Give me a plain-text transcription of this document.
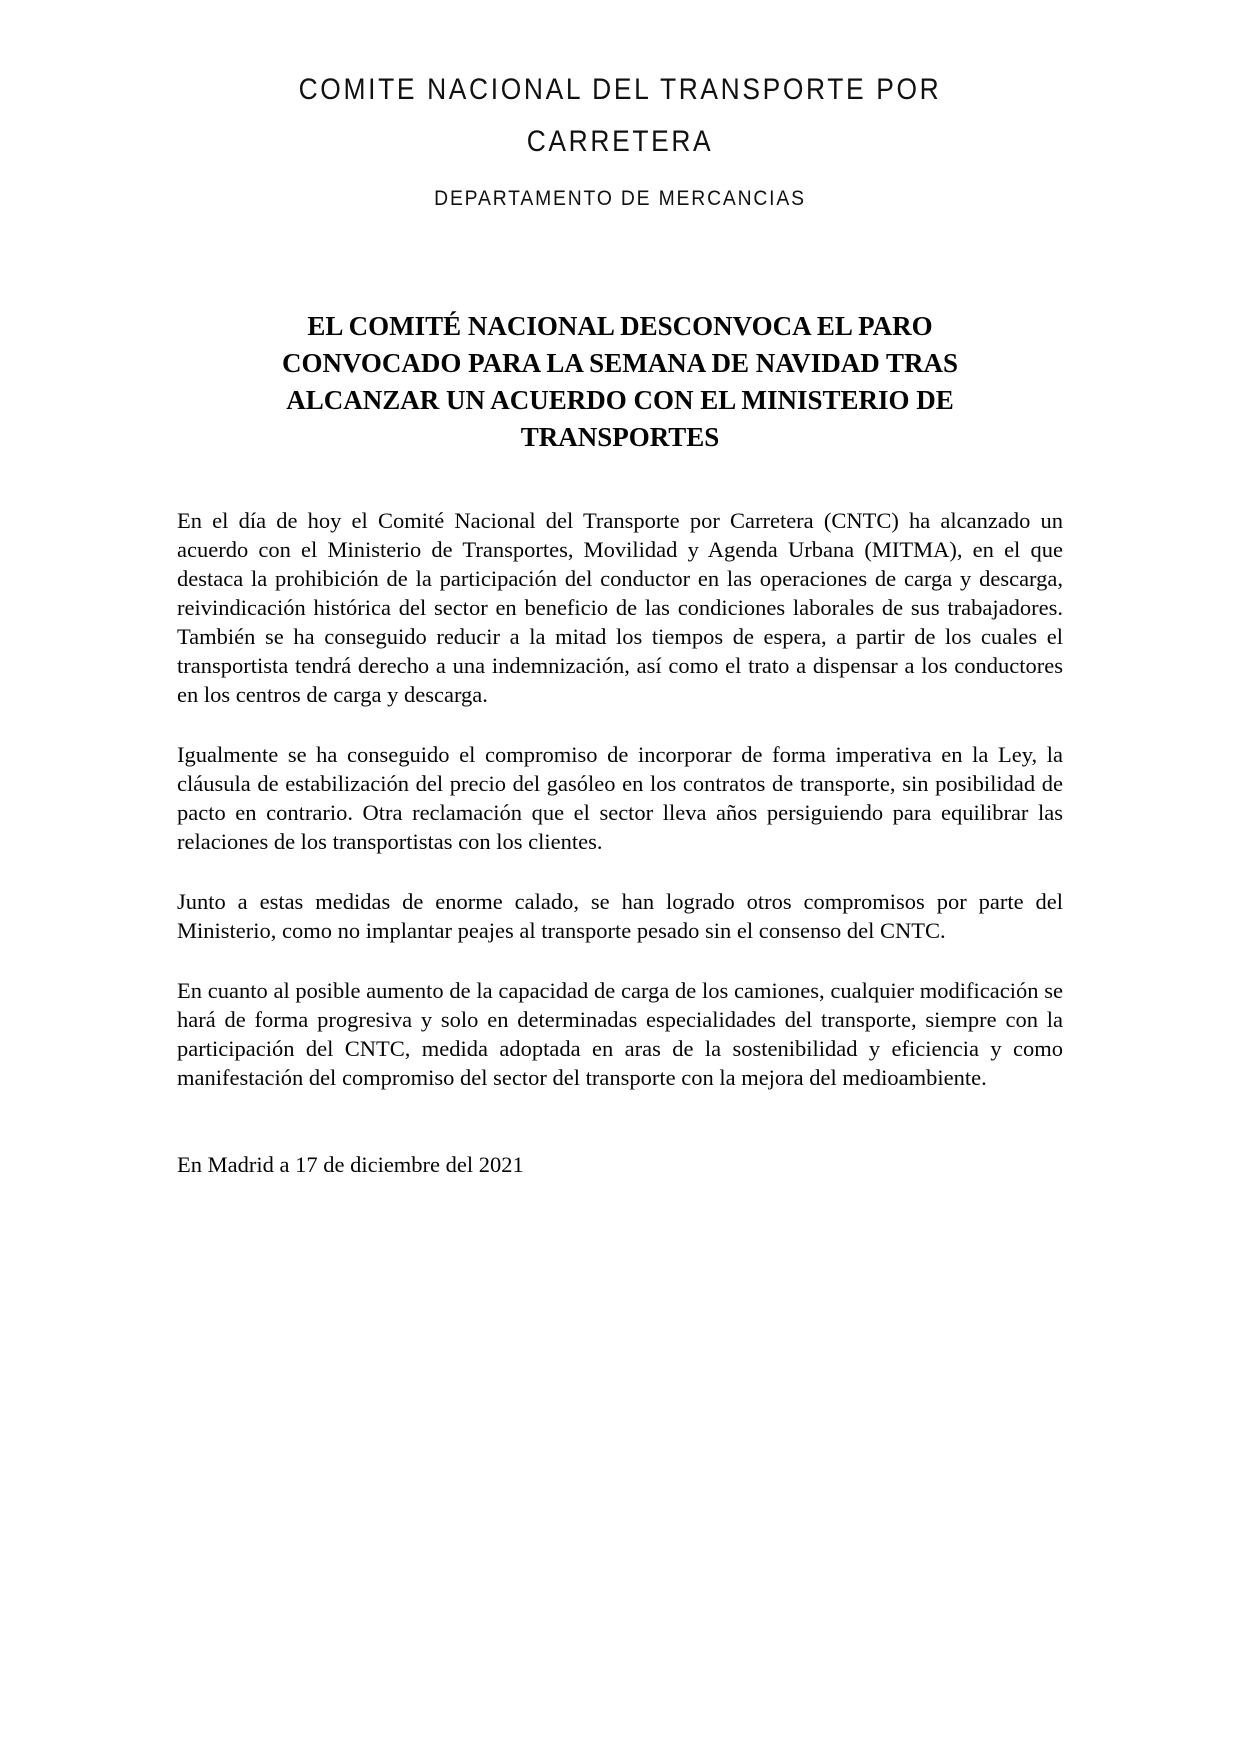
COMITE NACIONAL DEL TRANSPORTE POR
CARRETERA
DEPARTAMENTO DE MERCANCIAS
EL COMITÉ NACIONAL DESCONVOCA EL PARO
CONVOCADO PARA LA SEMANA DE NAVIDAD TRAS
ALCANZAR UN ACUERDO CON EL MINISTERIO DE
TRANSPORTES

En el día de hoy el Comité Nacional del Transporte por Carretera (CNTC) ha alcanzado un acuerdo con el Ministerio de Transportes, Movilidad y Agenda Urbana (MITMA), en el que destaca la prohibición de la participación del conductor en las operaciones de carga y descarga, reivindicación histórica del sector en beneficio de las condiciones laborales de sus trabajadores. También se ha conseguido reducir a la mitad los tiempos de espera, a partir de los cuales el transportista tendrá derecho a una indemnización, así como el trato a dispensar a los conductores en los centros de carga y descarga.

Igualmente se ha conseguido el compromiso de incorporar de forma imperativa en la Ley, la cláusula de estabilización del precio del gasóleo en los contratos de transporte, sin posibilidad de pacto en contrario. Otra reclamación que el sector lleva años persiguiendo para equilibrar las relaciones de los transportistas con los clientes.

Junto a estas medidas de enorme calado, se han logrado otros compromisos por parte del Ministerio, como no implantar peajes al transporte pesado sin el consenso del CNTC.

En cuanto al posible aumento de la capacidad de carga de los camiones, cualquier modificación se hará de forma progresiva y solo en determinadas especialidades del transporte, siempre con la participación del CNTC, medida adoptada en aras de la sostenibilidad y eficiencia y como manifestación del compromiso del sector del transporte con la mejora del medioambiente.

En Madrid a 17 de diciembre del 2021
